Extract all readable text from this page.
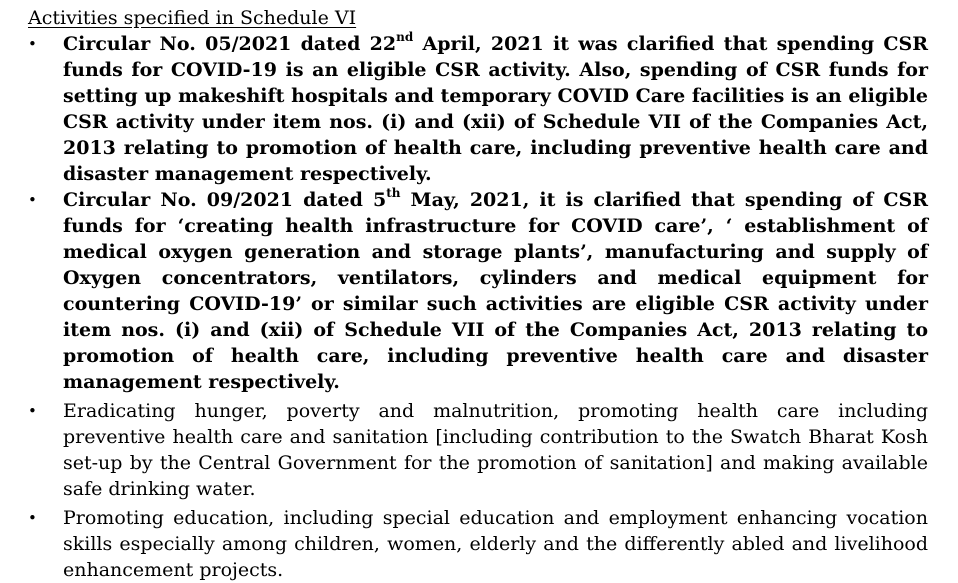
Activities specified in Schedule VI
•	Circular No. 05/2021 dated 22nd April, 2021 it was clarified that spending CSR funds for COVID-19 is an eligible CSR activity. Also, spending of CSR funds for setting up makeshift hospitals and temporary COVID Care facilities is an eligible CSR activity under item nos. (i) and (xii) of Schedule VII of the Companies Act, 2013 relating to promotion of health care, including preventive health care and disaster management respectively.
•	Circular No. 09/2021 dated 5th May, 2021, it is clarified that spending of CSR funds for ‘creating health infrastructure for COVID care’, ‘ establishment of medical oxygen generation and storage plants’, manufacturing and supply of Oxygen concentrators, ventilators, cylinders and medical equipment for countering COVID-19’ or similar such activities are eligible CSR activity under item nos. (i) and (xii) of Schedule VII of the Companies Act, 2013 relating to promotion of health care, including preventive health care and disaster management respectively.
•	Eradicating hunger, poverty and malnutrition, promoting health care including preventive health care and sanitation [including contribution to the Swatch Bharat Kosh set-up by the Central Government for the promotion of sanitation] and making available safe drinking water.
•	Promoting education, including special education and employment enhancing vocation skills especially among children, women, elderly and the differently abled and livelihood enhancement projects.
